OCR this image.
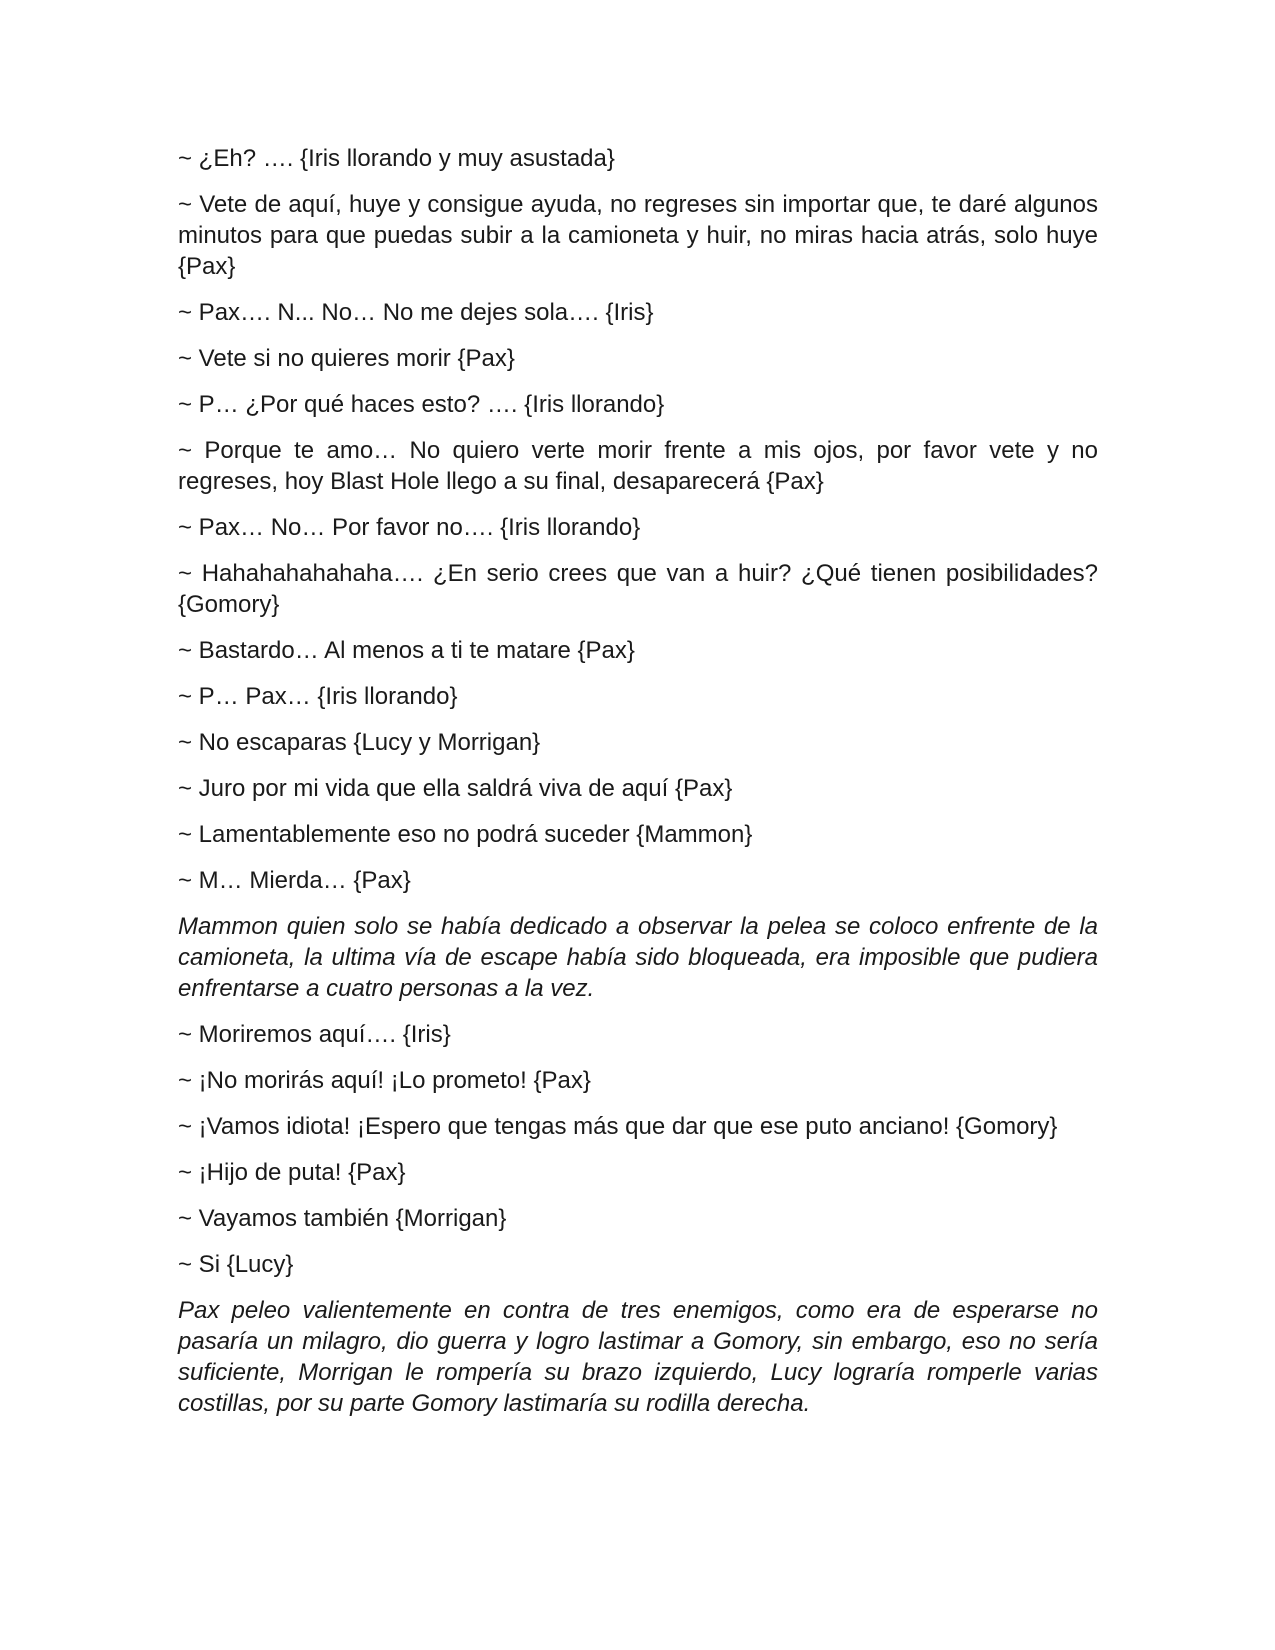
~ ¿Eh? …. {Iris llorando y muy asustada}

~ Vete de aquí, huye y consigue ayuda, no regreses sin importar que, te daré algunos minutos para que puedas subir a la camioneta y huir, no miras hacia atrás, solo huye {Pax}

~ Pax…. N... No… No me dejes sola…. {Iris}

~ Vete si no quieres morir {Pax}

~ P… ¿Por qué haces esto? …. {Iris llorando}

~ Porque te amo… No quiero verte morir frente a mis ojos, por favor vete y no regreses, hoy Blast Hole llego a su final, desaparecerá {Pax}

~ Pax… No… Por favor no…. {Iris llorando}

~ Hahahahahahaha…. ¿En serio crees que van a huir? ¿Qué tienen posibilidades? {Gomory}

~ Bastardo… Al menos a ti te matare {Pax}

~ P… Pax… {Iris llorando}

~ No escaparas {Lucy y Morrigan}

~ Juro por mi vida que ella saldrá viva de aquí {Pax}

~ Lamentablemente eso no podrá suceder {Mammon}

~ M… Mierda… {Pax}

Mammon quien solo se había dedicado a observar la pelea se coloco enfrente de la camioneta, la ultima vía de escape había sido bloqueada, era imposible que pudiera enfrentarse a cuatro personas a la vez.

~ Moriremos aquí…. {Iris}

~ ¡No morirás aquí! ¡Lo prometo! {Pax}

~ ¡Vamos idiota! ¡Espero que tengas más que dar que ese puto anciano! {Gomory}

~ ¡Hijo de puta! {Pax}

~ Vayamos también {Morrigan}

~ Si {Lucy}

Pax peleo valientemente en contra de tres enemigos, como era de esperarse no pasaría un milagro, dio guerra y logro lastimar a Gomory, sin embargo, eso no sería suficiente, Morrigan le rompería su brazo izquierdo, Lucy lograría romperle varias costillas, por su parte Gomory lastimaría su rodilla derecha.
